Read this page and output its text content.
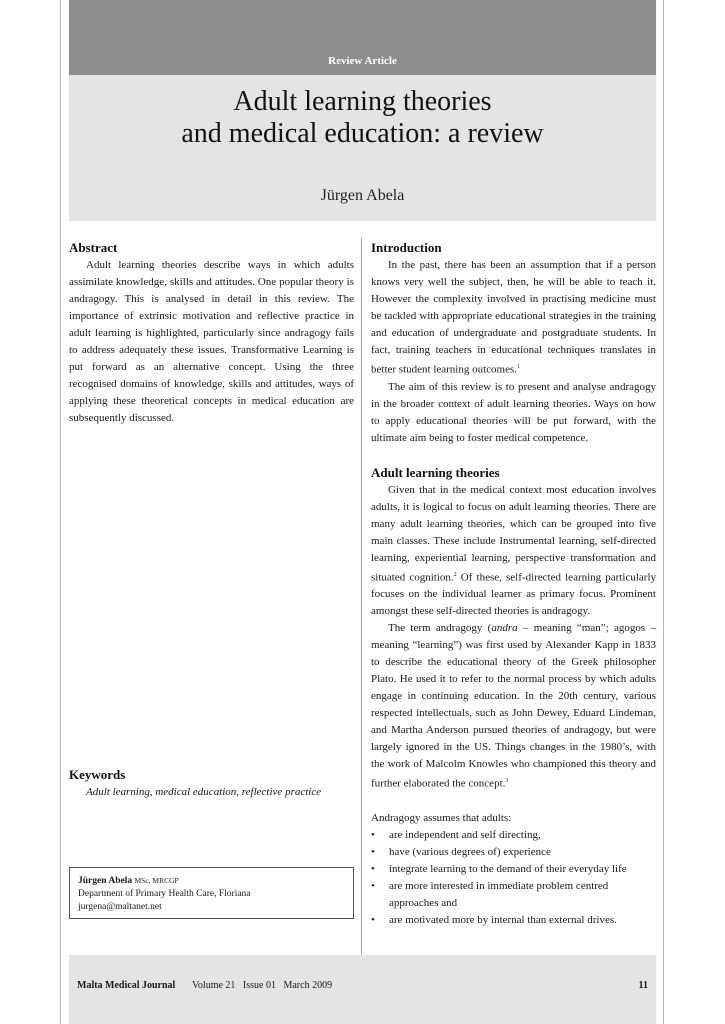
Review Article
Adult learning theories
and medical education: a review
Jürgen Abela
Abstract

Adult learning theories describe ways in which adults assimilate knowledge, skills and attitudes. One popular theory is andragogy. This is analysed in detail in this review. The importance of extrinsic motivation and reflective practice in adult learning is highlighted, particularly since andragogy fails to address adequately these issues. Transformative Learning is put forward as an alternative concept. Using the three recognised domains of knowledge, skills and attitudes, ways of applying these theoretical concepts in medical education are subsequently discussed.

Keywords
Adult learning, medical education, reflective practice
Jürgen Abela MSc, MRCGP
Department of Primary Health Care, Floriana
jurgena@maltanet.net
Introduction

In the past, there has been an assumption that if a person knows very well the subject, then, he will be able to teach it. However the complexity involved in practising medicine must be tackled with appropriate educational strategies in the training and education of undergraduate and postgraduate students. In fact, training teachers in educational techniques translates in better student learning outcomes.$^1$

The aim of this review is to present and analyse andragogy in the broader context of adult learning theories. Ways on how to apply educational theories will be put forward, with the ultimate aim being to foster medical competence.

Adult learning theories

Given that in the medical context most education involves adults, it is logical to focus on adult learning theories. There are many adult learning theories, which can be grouped into five main classes. These include Instrumental learning, self-directed learning, experiential learning, perspective transformation and situated cognition.$^2$ Of these, self-directed learning particularly focuses on the individual learner as primary focus. Prominent amongst these self-directed theories is andragogy.

The term andragogy (andra – meaning “man”; agogos – meaning “learning”) was first used by Alexander Kapp in 1833 to describe the educational theory of the Greek philosopher Plato. He used it to refer to the normal process by which adults engage in continuing education. In the 20th century, various respected intellectuals, such as John Dewey, Eduard Lindeman, and Martha Anderson pursued theories of andragogy, but were largely ignored in the US. Things changes in the 1980’s, with the work of Malcolm Knowles who championed this theory and further elaborated the concept.$^3$

Andragogy assumes that adults:

• are independent and self directing,
• have (various degrees of) experience
• integrate learning to the demand of their everyday life
• are more interested in immediate problem centred approaches and
• are motivated more by internal than external drives.
Malta Medical Journal Volume 21   Issue 01   March 2009	11
